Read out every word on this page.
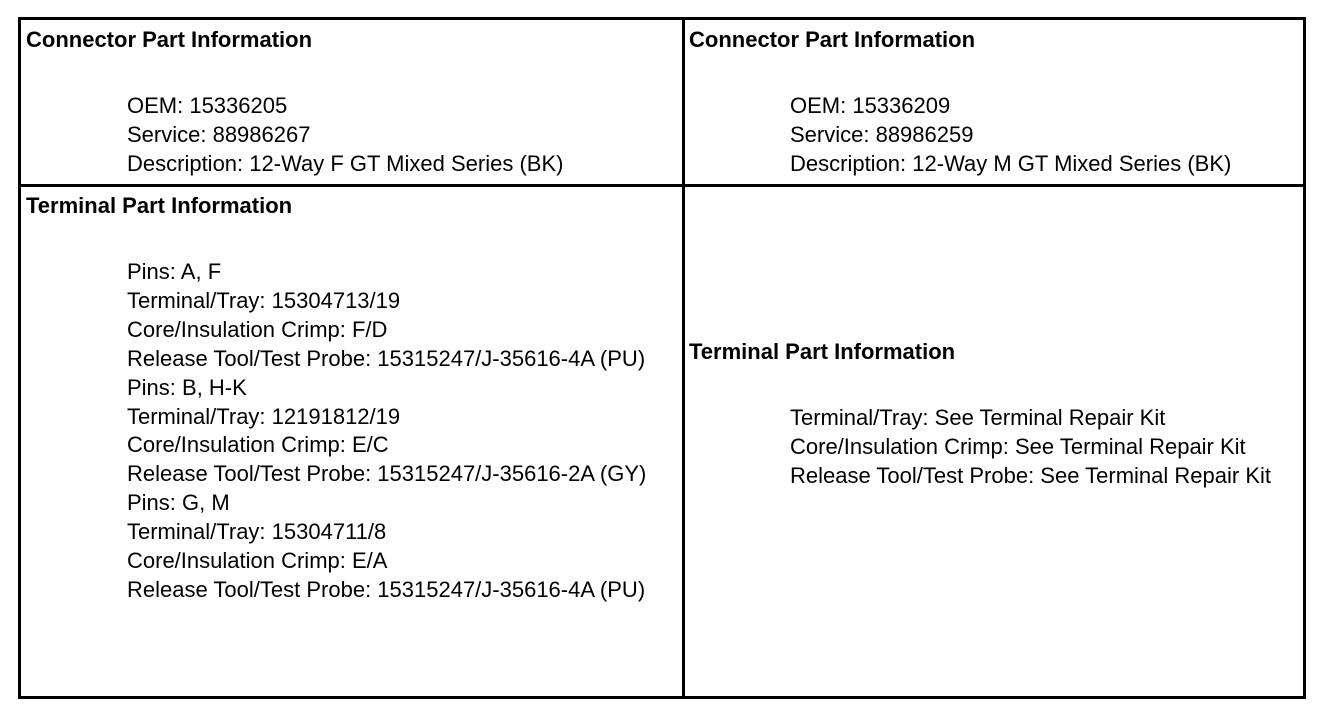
Connector Part Information

OEM: 15336205
Service: 88986267
Description: 12-Way F GT Mixed Series (BK)

Connector Part Information

OEM: 15336209
Service: 88986259
Description: 12-Way M GT Mixed Series (BK)

Terminal Part Information

Pins: A, F
Terminal/Tray: 15304713/19
Core/Insulation Crimp: F/D
Release Tool/Test Probe: 15315247/J-35616-4A (PU)
Pins: B, H-K
Terminal/Tray: 12191812/19
Core/Insulation Crimp: E/C
Release Tool/Test Probe: 15315247/J-35616-2A (GY)
Pins: G, M
Terminal/Tray: 15304711/8
Core/Insulation Crimp: E/A
Release Tool/Test Probe: 15315247/J-35616-4A (PU)

Terminal Part Information

Terminal/Tray: See Terminal Repair Kit
Core/Insulation Crimp: See Terminal Repair Kit
Release Tool/Test Probe: See Terminal Repair Kit
